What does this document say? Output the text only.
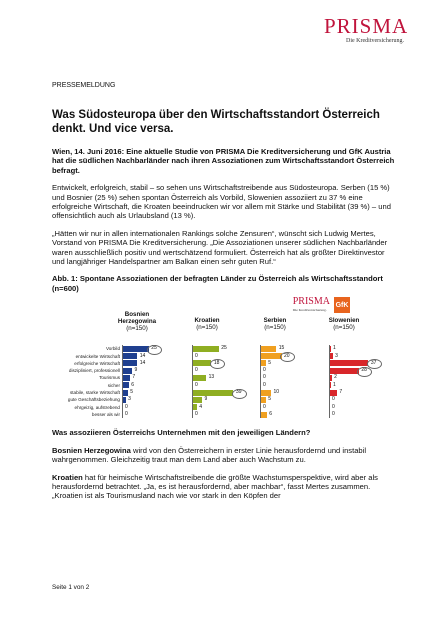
PRISMA
Die Kreditversicherung.
PRESSEMELDUNG
Was Südosteuropa über den Wirtschaftsstandort Österreich denkt. Und vice versa.

Wien, 14. Juni 2016: Eine aktuelle Studie von PRISMA Die Kreditversicherung und GfK Austria hat die südlichen Nachbarländer nach ihren Assoziationen zum Wirtschaftsstandort Österreich befragt.

Entwickelt, erfolgreich, stabil – so sehen uns Wirtschaftstreibende aus Südosteuropa. Serben (15 %) und Bosnier (25 %) sehen spontan Österreich als Vorbild, Slowenien assoziiert zu 37 % eine erfolgreiche Wirtschaft, die Kroaten beeindrucken wir vor allem mit Stärke und Stabilität (39 %) – und offensichtlich auch als Urlaubsland (13 %).

„Hätten wir nur in allen internationalen Rankings solche Zensuren“, wünscht sich Ludwig Mertes, Vorstand von PRISMA Die Kreditversicherung. „Die Assoziationen unserer südlichen Nachbarländer waren ausschließlich positiv und wertschätzend formuliert. Österreich hat als größter Direktinvestor und langjähriger Handelspartner am Balkan einen sehr guten Ruf.“

Abb. 1: Spontane Assoziationen der befragten Länder zu Österreich als Wirtschaftsstandort (n=600)
PRISMA
Die Kreditversicherung.
GfK
Vorbild
entwickelte Wirtschaft
erfolgreiche Wirtschaft
diszipliniert, professionell
Tourismus
sicher
stabile, starke Wirtschaft
gute Geschäftsbeziehung
ehrgeizig, aufstrebend
besser als wir
Bosnien Herzegowina
(n=150)
25
14
14
9
7
6
5
3
0
0
Kroatien
(n=150)
25
0
18
0
13
0
39
9
4
0
Serbien
(n=150)
15
20
5
0
0
0
10
5
0
6
Slowenien
(n=150)
1
3
37
28
2
1
7
0
0
0
Was assoziieren Österreichs Unternehmen mit den jeweiligen Ländern?

Bosnien Herzegowina wird von den Österreichern in erster Linie herausfordernd und instabil wahrgenommen. Gleichzeitig traut man dem Land aber auch Wachstum zu.

Kroatien hat für heimische Wirtschaftstreibende die größte Wachstumsperspektive, wird aber als herausfordernd betrachtet. „Ja, es ist herausfordernd, aber machbar“, fasst Mertes zusammen. „Kroatien ist als Tourismusland nach wie vor stark in den Köpfen der

Seite 1 von 2
